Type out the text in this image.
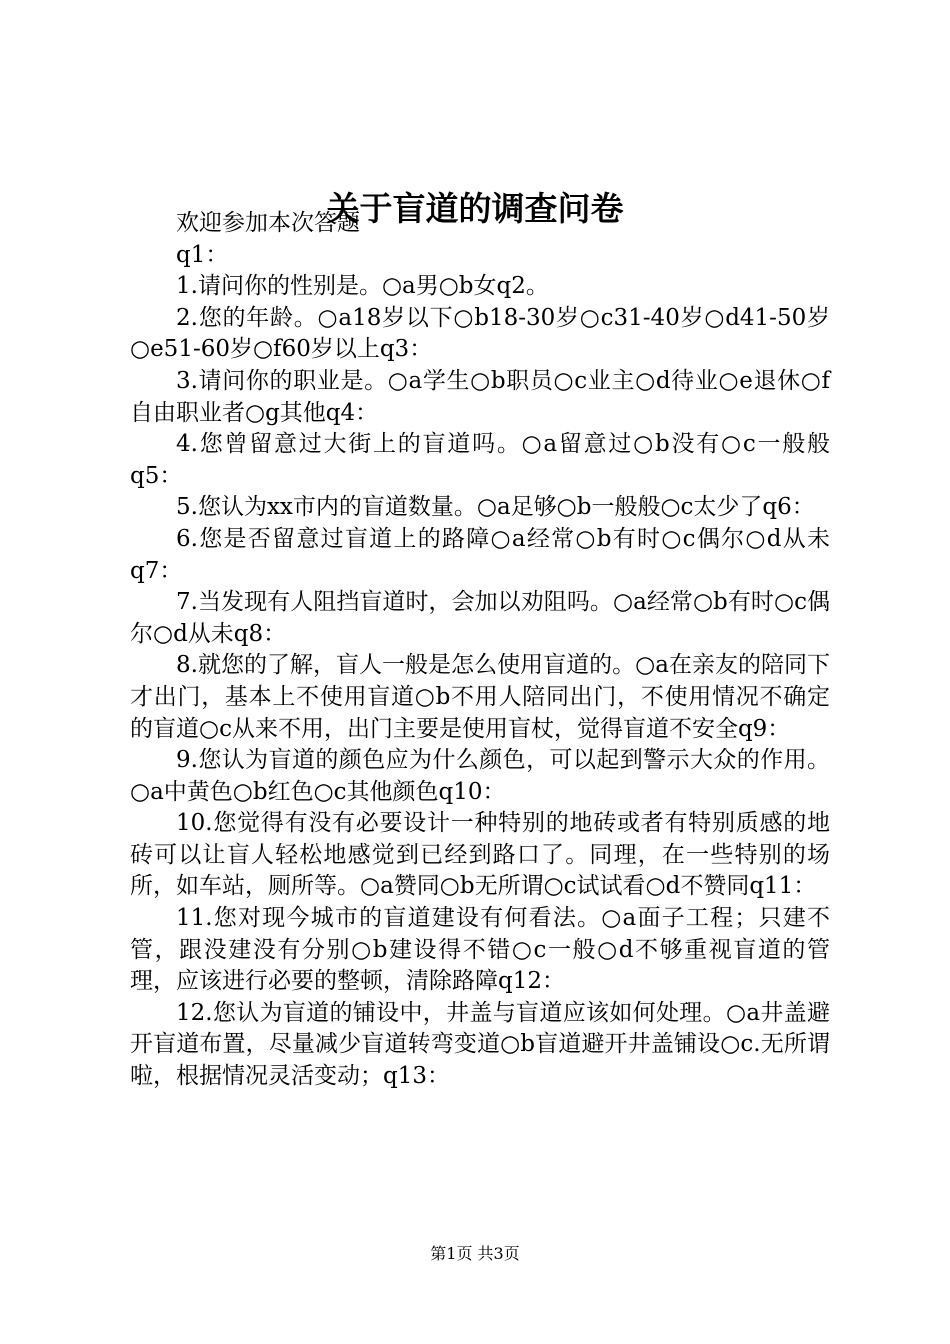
关于盲道的调查问卷

欢迎参加本次答题

q1：

1.请问你的性别是。○a男○b女q2。

2.您的年龄。○a18岁以下○b18-30岁○c31-40岁○d41-50岁○e51-60岁○f60岁以上q3：

3.请问你的职业是。○a学生○b职员○c业主○d待业○e退休○f自由职业者○g其他q4：

4.您曾留意过大街上的盲道吗。○a留意过○b没有○c一般般q5：

5.您认为xx市内的盲道数量。○a足够○b一般般○c太少了q6：

6.您是否留意过盲道上的路障○a经常○b有时○c偶尔○d从未q7：

7.当发现有人阻挡盲道时，会加以劝阻吗。○a经常○b有时○c偶尔○d从未q8：

8.就您的了解，盲人一般是怎么使用盲道的。○a在亲友的陪同下才出门，基本上不使用盲道○b不用人陪同出门，不使用情况不确定的盲道○c从来不用，出门主要是使用盲杖，觉得盲道不安全q9：

9.您认为盲道的颜色应为什么颜色，可以起到警示大众的作用。○a中黄色○b红色○c其他颜色q10：

10.您觉得有没有必要设计一种特别的地砖或者有特别质感的地砖可以让盲人轻松地感觉到已经到路口了。同理，在一些特别的场所，如车站，厕所等。○a赞同○b无所谓○c试试看○d不赞同q11：

11.您对现今城市的盲道建设有何看法。○a面子工程；只建不管，跟没建没有分别○b建设得不错○c一般○d不够重视盲道的管理，应该进行必要的整顿，清除路障q12：

12.您认为盲道的铺设中，井盖与盲道应该如何处理。○a井盖避开盲道布置，尽量减少盲道转弯变道○b盲道避开井盖铺设○c.无所谓啦，根据情况灵活变动；q13：

第1页 共3页
